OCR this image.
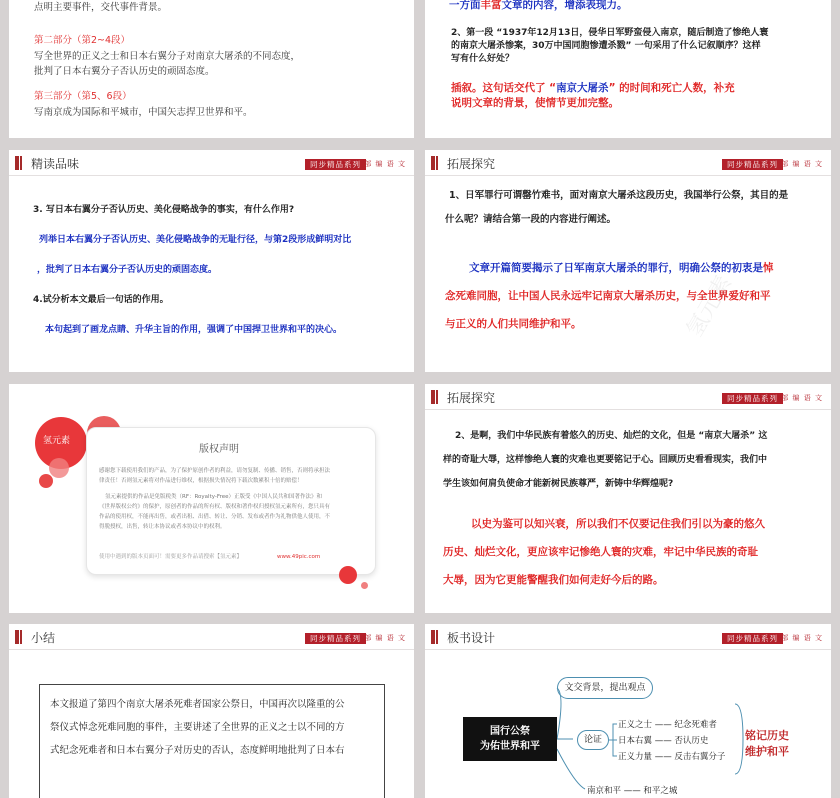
点明主要事件，交代事件背景。
第二部分（第2~4段）
写全世界的正义之士和日本右翼分子对南京大屠杀的不同态度，
批判了日本右翼分子否认历史的顽固态度。
第三部分（第5、6段）
写南京成为国际和平城市，中国矢志捍卫世界和平。
一方面丰富文章的内容，增添表现力。
2、第一段 “1937年12月13日，侵华日军野蛮侵入南京，随后制造了惨绝人寰
的南京大屠杀惨案，30万中国同胞惨遭杀戮” 一句采用了什么记叙顺序？这样
写有什么好处？
插叙。这句话交代了 “南京大屠杀” 的时间和死亡人数，补充
说明文章的背景，使情节更加完整。
精读品味	同步精品系列 部 编 语 文
3. 写日本右翼分子否认历史、美化侵略战争的事实，有什么作用?
列举日本右翼分子否认历史、美化侵略战争的无耻行径，与第2段形成鲜明对比
，批判了日本右翼分子否认历史的顽固态度。
4.试分析本文最后一句话的作用。
本句起到了画龙点睛、升华主旨的作用，强调了中国捍卫世界和平的决心。
拓展探究	同步精品系列 部 编 语 文
1、日军罪行可谓罄竹难书，面对南京大屠杀这段历史，我国举行公祭，其目的是
什么呢？请结合第一段的内容进行阐述。
文章开篇简要揭示了日军南京大屠杀的罪行，明确公祭的初衷是悼
念死难同胞，让中国人民永远牢记南京大屠杀历史，与全世界爱好和平
与正义的人们共同维护和平。	氢元素
氢元素
版权声明
感谢您下载使用我们的产品，为了保护原创作者的利益，请勿复制、传播、销售，否则将承担法
律责任！否则氢元素将对作品进行维权，根据损失情况将下载次数累积十倍的赔偿！
氢元素提供的作品是免版税类（RF：Royalty-Free）正版受《中国人民共和国著作法》和
《世界版权公约》的保护，原创者的作品的所有权、版权和著作权归授权氢元素所有，您只具有
作品的使用权，不能再出售，或者出租、出借、转让、分销、发布或者作为礼物供他人使用，不
得脱授权，出售，转让本协议或者本协议中的权利。
使用中遇到的版本页面可！需要更多作品请搜索【氢元素】	www.49pic.com
拓展探究	同步精品系列 部 编 语 文
2、是啊，我们中华民族有着悠久的历史、灿烂的文化，但是 “南京大屠杀” 这
样的奇耻大辱，这样惨绝人寰的灾难也更要铭记于心。回顾历史看看现实，我们中
学生该如何肩负使命才能新树民族尊严，新铸中华辉煌呢?
以史为鉴可以知兴衰，所以我们不仅要记住我们引以为豪的悠久
历史、灿烂文化，更应该牢记惨绝人寰的灾难，牢记中华民族的奇耻
大辱，因为它更能警醒我们如何走好今后的路。
小结	同步精品系列 部 编 语 文
本文报道了第四个南京大屠杀死难者国家公祭日，中国再次以隆重的公
祭仪式悼念死难同胞的事件，主要讲述了全世界的正义之士以不同的方
式纪念死难者和日本右翼分子对历史的否认，态度鲜明地批判了日本右
板书设计	同步精品系列 部 编 语 文
文交背景，提出观点
国行公祭
为佑世界和平
论证
正义之士 —— 纪念死难者
日本右翼 —— 否认历史
正义力量 —— 反击右翼分子
南京和平 —— 和平之城
铭记历史
维护和平
